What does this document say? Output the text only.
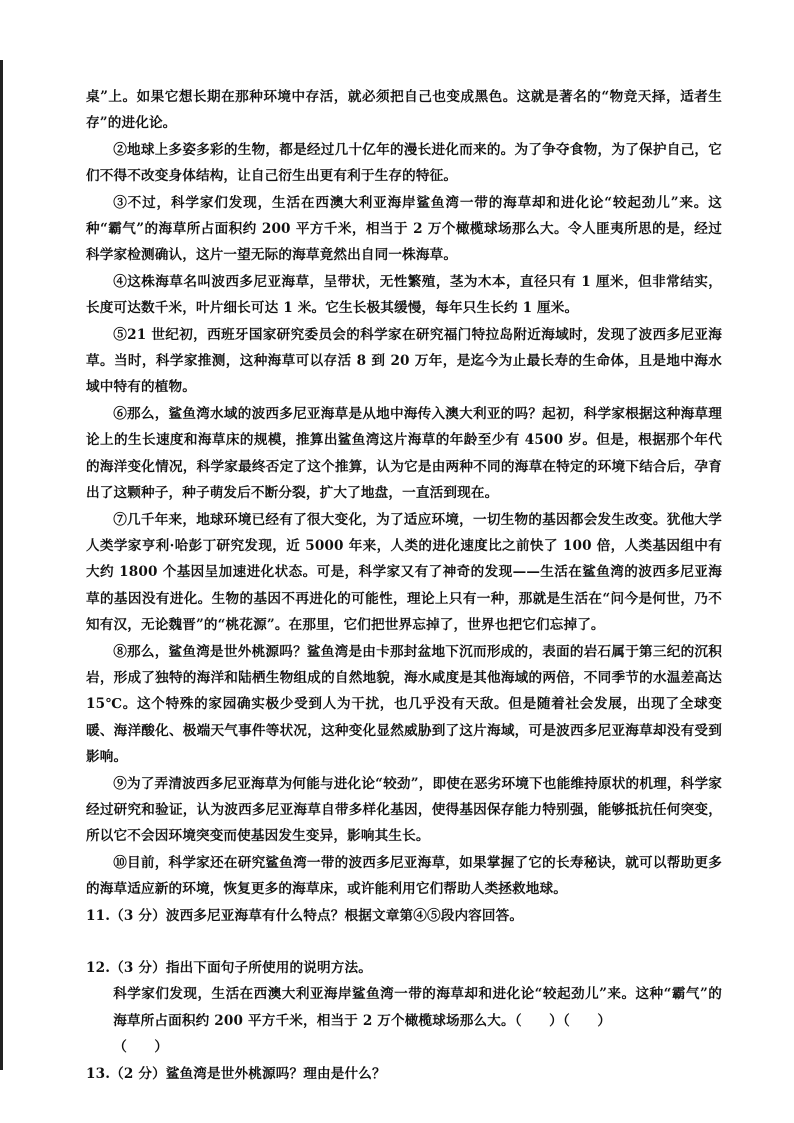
桌”上。如果它想长期在那种环境中存活，就必须把自己也变成黑色。这就是著名的“物竞天择，适者生存”的进化论。

②地球上多姿多彩的生物，都是经过几十亿年的漫长进化而来的。为了争夺食物，为了保护自己，它们不得不改变身体结构，让自己衍生出更有利于生存的特征。

③不过，科学家们发现，生活在西澳大利亚海岸鲨鱼湾一带的海草却和进化论“较起劲儿”来。这种“霸气”的海草所占面积约 200 平方千米，相当于 2 万个橄榄球场那么大。令人匪夷所思的是，经过科学家检测确认，这片一望无际的海草竟然出自同一株海草。

④这株海草名叫波西多尼亚海草，呈带状，无性繁殖，茎为木本，直径只有 1 厘米，但非常结实，长度可达数千米，叶片细长可达 1 米。它生长极其缓慢，每年只生长约 1 厘米。

⑤21 世纪初，西班牙国家研究委员会的科学家在研究福门特拉岛附近海域时，发现了波西多尼亚海草。当时，科学家推测，这种海草可以存活 8 到 20 万年，是迄今为止最长寿的生命体，且是地中海水域中特有的植物。

⑥那么，鲨鱼湾水域的波西多尼亚海草是从地中海传入澳大利亚的吗？起初，科学家根据这种海草理论上的生长速度和海草床的规模，推算出鲨鱼湾这片海草的年龄至少有 4500 岁。但是，根据那个年代的海洋变化情况，科学家最终否定了这个推算，认为它是由两种不同的海草在特定的环境下结合后，孕育出了这颗种子，种子萌发后不断分裂，扩大了地盘，一直活到现在。

⑦几千年来，地球环境已经有了很大变化，为了适应环境，一切生物的基因都会发生改变。犹他大学人类学家亨利·哈彭丁研究发现，近 5000 年来，人类的进化速度比之前快了 100 倍，人类基因组中有大约 1800 个基因呈加速进化状态。可是，科学家又有了神奇的发现——生活在鲨鱼湾的波西多尼亚海草的基因没有进化。生物的基因不再进化的可能性，理论上只有一种，那就是生活在“问今是何世，乃不知有汉，无论魏晋”的“桃花源”。在那里，它们把世界忘掉了，世界也把它们忘掉了。

⑧那么，鲨鱼湾是世外桃源吗？鲨鱼湾是由卡那封盆地下沉而形成的，表面的岩石属于第三纪的沉积岩，形成了独特的海洋和陆栖生物组成的自然地貌，海水咸度是其他海域的两倍，不同季节的水温差高达 15℃。这个特殊的家园确实极少受到人为干扰，也几乎没有天敌。但是随着社会发展，出现了全球变暖、海洋酸化、极端天气事件等状况，这种变化显然威胁到了这片海域，可是波西多尼亚海草却没有受到影响。

⑨为了弄清波西多尼亚海草为何能与进化论“较劲”，即使在恶劣环境下也能维持原状的机理，科学家经过研究和验证，认为波西多尼亚海草自带多样化基因，使得基因保存能力特别强，能够抵抗任何突变，所以它不会因环境突变而使基因发生变异，影响其生长。

⑩目前，科学家还在研究鲨鱼湾一带的波西多尼亚海草，如果掌握了它的长寿秘诀，就可以帮助更多的海草适应新的环境，恢复更多的海草床，或许能利用它们帮助人类拯救地球。

11.（3 分）波西多尼亚海草有什么特点？根据文章第④⑤段内容回答。

12.（3 分）指出下面句子所使用的说明方法。

科学家们发现，生活在西澳大利亚海岸鲨鱼湾一带的海草却和进化论“较起劲儿”来。这种“霸气”的海草所占面积约 200 平方千米，相当于 2 万个橄榄球场那么大。（　　）（　　）

（　　）

13.（2 分）鲨鱼湾是世外桃源吗？理由是什么？
